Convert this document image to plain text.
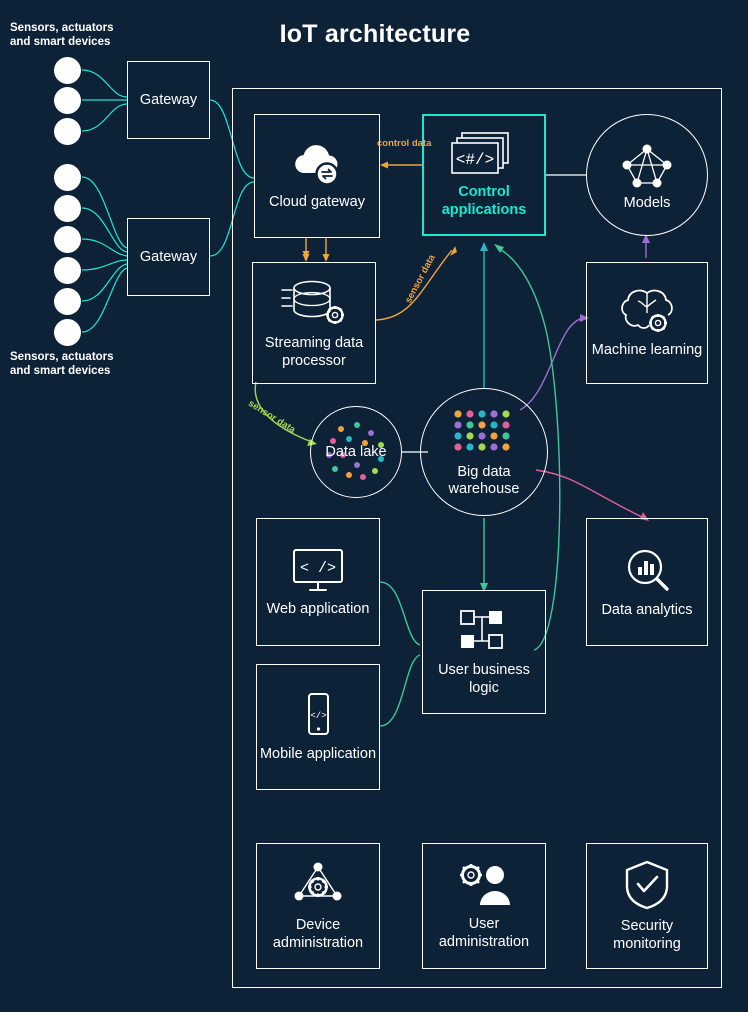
IoT architecture
Sensors, actuators and smart devices
Sensors, actuators and smart devices
Gateway
Gateway
Cloud gateway
<#/>
Control applications	Models
Streaming data processor
Machine learning
Data lake
Big data warehouse
< />
Web application
User business logic
Data analytics
</>
Mobile application
Device administration
User administration
Security monitoring
control data
sensor data
sensor data
